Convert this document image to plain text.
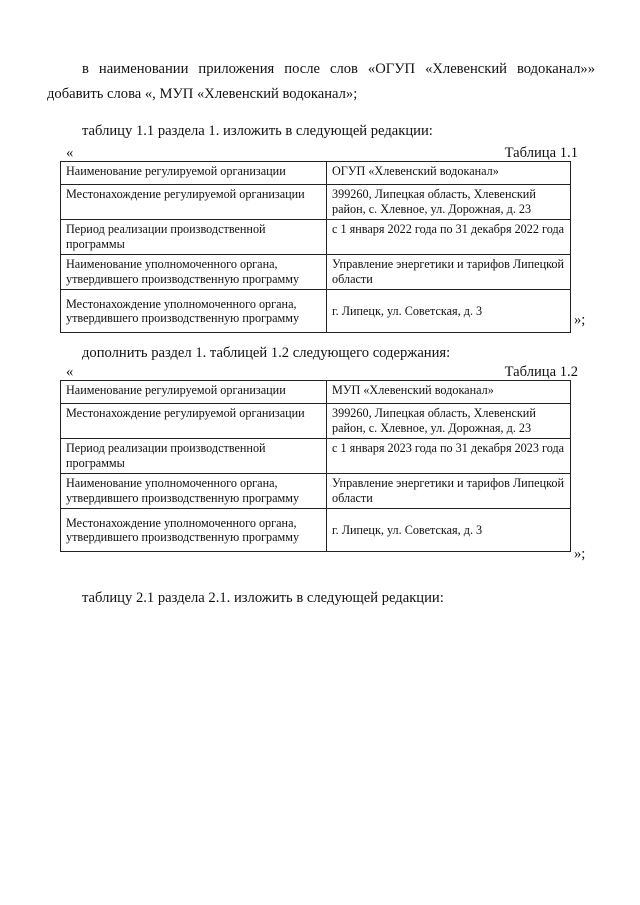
в наименовании приложения после слов «ОГУП «Хлевенский водоканал»» добавить слова «, МУП «Хлевенский водоканал»;
таблицу 1.1 раздела 1. изложить в следующей редакции:
«	Таблица 1.1
Наименование регулируемой организации	ОГУП «Хлевенский водоканал»
Местонахождение регулируемой организации	399260, Липецкая область, Хлевенский район, с. Хлевное, ул. Дорожная, д. 23
Период реализации производственной программы	с 1 января 2022 года по 31 декабря 2022 года
Наименование уполномоченного органа, утвердившего производственную программу	Управление энергетики и тарифов Липецкой области
Местонахождение уполномоченного органа, утвердившего производственную программу	г. Липецк, ул. Советская, д. 3
»;
дополнить раздел 1. таблицей 1.2 следующего содержания:
«	Таблица 1.2
Наименование регулируемой организации	МУП «Хлевенский водоканал»
Местонахождение регулируемой организации	399260, Липецкая область, Хлевенский район, с. Хлевное, ул. Дорожная, д. 23
Период реализации производственной программы	с 1 января 2023 года по 31 декабря 2023 года
Наименование уполномоченного органа, утвердившего производственную программу	Управление энергетики и тарифов Липецкой области
Местонахождение уполномоченного органа, утвердившего производственную программу	г. Липецк, ул. Советская, д. 3
»;
таблицу 2.1 раздела 2.1. изложить в следующей редакции:
